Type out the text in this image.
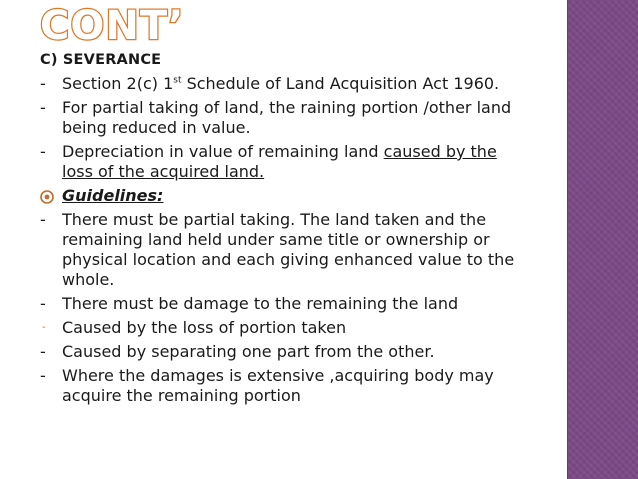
CONT’
C) SEVERANCE
- Section 2(c) 1st Schedule of Land Acquisition Act 1960.
- For partial taking of land, the raining portion /other land being reduced in value.
- Depreciation in value of remaining land caused by the loss of the acquired land.
Guidelines:
- There must be partial taking. The land taken and the remaining land held under same title or ownership or physical location and each giving enhanced value to the whole.
- There must be damage to the remaining the land
- Caused by the loss of portion taken
- Caused by separating one part from the other.
- Where the damages is extensive ,acquiring body may acquire the remaining portion
